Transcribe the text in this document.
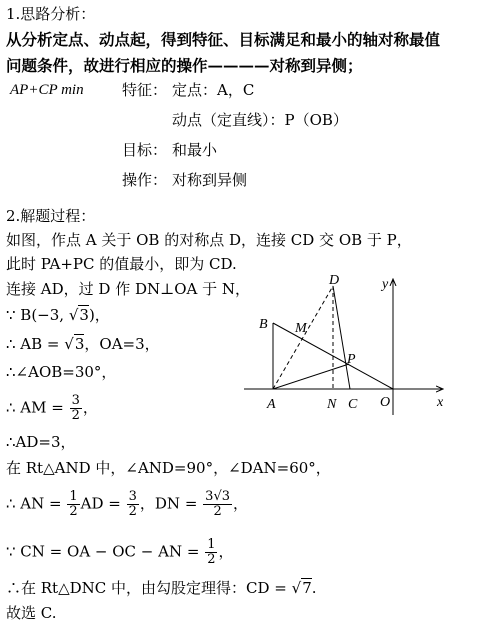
1.思路分析：
从分析定点、动点起，得到特征、目标满足和最小的轴对称最值
问题条件，故进行相应的操作————对称到异侧；
AP+CP min	特征： 定点：A，C
动点（定直线）：P（OB）
目标： 和最小
操作： 对称到异侧
2.解题过程：
如图，作点 A 关于 OB 的对称点 D，连接 CD 交 OB 于 P，
此时 PA+PC 的值最小，即为 CD.
连接 AD，过 D 作 DN⊥OA 于 N，
∵ B(−3, √3)，
∴ AB = √3，OA=3，
∴∠AOB=30°，
∴ AM = $\frac{3}{2}$ ，
∴AD=3，
在 Rt△AND 中，∠AND=90°，∠DAN=60°，
∴ AN = $\frac{1}{2}$ AD = $\frac{3}{2}$ ，DN = $\frac{3√3}{2}$ ，
∵ CN = OA − OC − AN = $\frac{1}{2}$ ，
∴在 Rt△DNC 中，由勾股定理得：CD = √7.
故选 C.
D	y
B M
P
A	N C O	x
